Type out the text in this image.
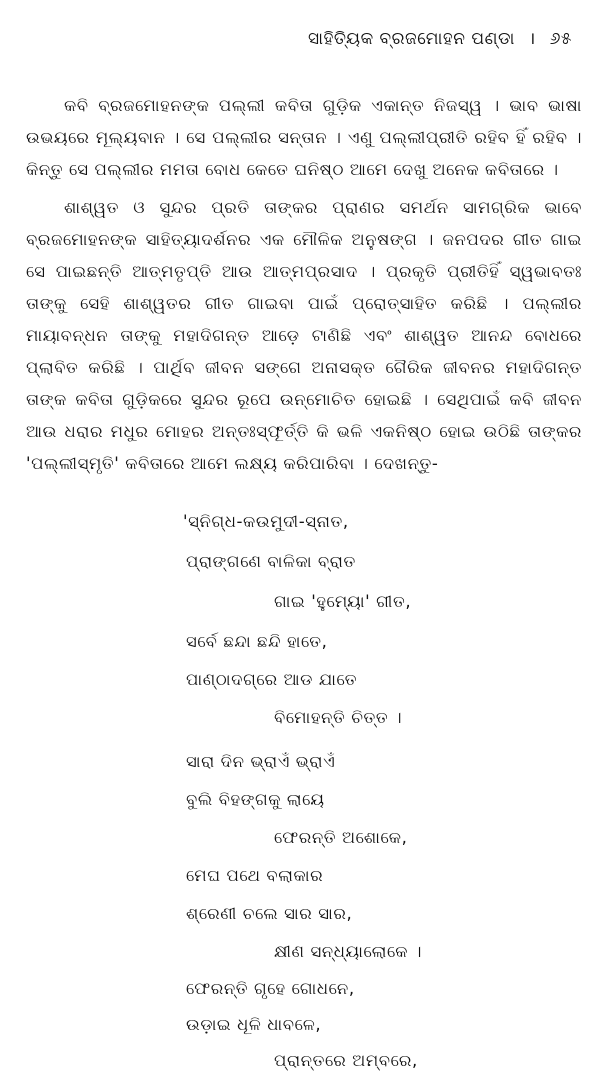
ସାହିତ୍ୟିକ ବ୍ରଜମୋହନ ପଣ୍ଡା । ୬୫

କବି ବ୍ରଜମୋହନଙ୍କ ପଲ୍ଲୀ କବିତା ଗୁଡ଼ିକ ଏକାନ୍ତ ନିଜସ୍ୱ । ଭାବ ଭାଷା ଉଭୟରେ ମୂଲ୍ୟବାନ । ସେ ପଲ୍ଲୀର ସନ୍ତାନ । ଏଣୁ ପଲ୍ଲୀପ୍ରୀତି ରହିବ ହିଁ ରହିବ । କିନ୍ତୁ ସେ ପଲ୍ଲୀର ମମତା ବୋଧ କେତେ ଘନିଷ୍ଠ ଆମେ ଦେଖୁ ଅନେକ କବିତାରେ ।

ଶାଶ୍ୱତ ଓ ସୁନ୍ଦର ପ୍ରତି ତାଙ୍କର ପ୍ରାଣର ସମର୍ଥନ ସାମଗ୍ରିକ ଭାବେ ବ୍ରଜମୋହନଙ୍କ ସାହିତ୍ୟାଦର୍ଶନର ଏକ ମୌଳିକ ଅନୁଷଙ୍ଗ । ଜନପଦର ଗୀତ ଗାଇ ସେ ପାଇଛନ୍ତି ଆତ୍ମତୃପ୍ତି ଆଉ ଆତ୍ମପ୍ରସାଦ । ପ୍ରକୃତି ପ୍ରୀତିହିଁ ସ୍ୱଭାବତଃ ତାଙ୍କୁ ସେହି ଶାଶ୍ୱତର ଗୀତ ଗାଇବା ପାଇଁ ପ୍ରୋତ୍ସାହିତ କରିଛି । ପଲ୍ଲୀର ମାୟାବନ୍ଧନ ତାଙ୍କୁ ମହାଦିଗନ୍ତ ଆଡ଼େ ଟାଣିଛି ଏବଂ ଶାଶ୍ୱତ ଆନନ୍ଦ ବୋଧରେ ପ୍ଲାବିତ କରିଛି । ପାର୍ଥିବ ଜୀବନ ସଙ୍ଗେ ଅନାସକ୍ତ ଗୈରିକ ଜୀବନର ମହାଦିଗନ୍ତ ତାଙ୍କ କବିତା ଗୁଡ଼ିକରେ ସୁନ୍ଦର ରୂପେ ଉନ୍ମୋଚିତ ହୋଇଛି । ସେଥିପାଇଁ କବି ଜୀବନ ଆଉ ଧରାର ମଧୁର ମୋହର ଅନ୍ତଃସ୍ଫୂର୍ତ୍ତି କି ଭଳି ଏକନିଷ୍ଠ ହୋଇ ଉଠିଛି ତାଙ୍କର 'ପଲ୍ଲୀସ୍ମୃତି' କବିତାରେ ଆମେ ଲକ୍ଷ୍ୟ କରିପାରିବା । ଦେଖନ୍ତୁ-

'ସ୍ନିଗ୍ଧ-କଉମୁଦୀ-ସ୍ନାତ,
ପ୍ରାଙ୍ଗଣେ ବାଳିକା ବ୍ରାତ
ଗାଇ 'ହୁମ୍ୟୋ' ଗୀତ,
ସର୍ବେ ଛନ୍ଦା ଛନ୍ଦି ହାତେ,
ପାଣ୍ଠାଦଗ୍ରେ ଆଡ ଯାତେ
ବିମୋହନ୍ତି ଚିତ୍ତ ।
ସାରା ଦିନ ଭ୍ରାଏଁ ଭ୍ରାଏଁ
ବୁଲି ବିହଙ୍ଗକୁ ଲାୟେ
ଫେରନ୍ତି ଅଶୋକେ,
ମେଘ ପଥେ ବଲାକାର
ଶ୍ରେଣୀ ଚଲେ ସାର ସାର,
କ୍ଷୀଣ ସନ୍ଧ୍ୟାଲୋକେ ।
ଫେରନ୍ତି ଗୃହେ ଗୋଧନେ,
ଉଡ଼ାଇ ଧୂଳି ଧାବଳେ,
ପ୍ରାନ୍ତରେ ଅମ୍ବରେ,
